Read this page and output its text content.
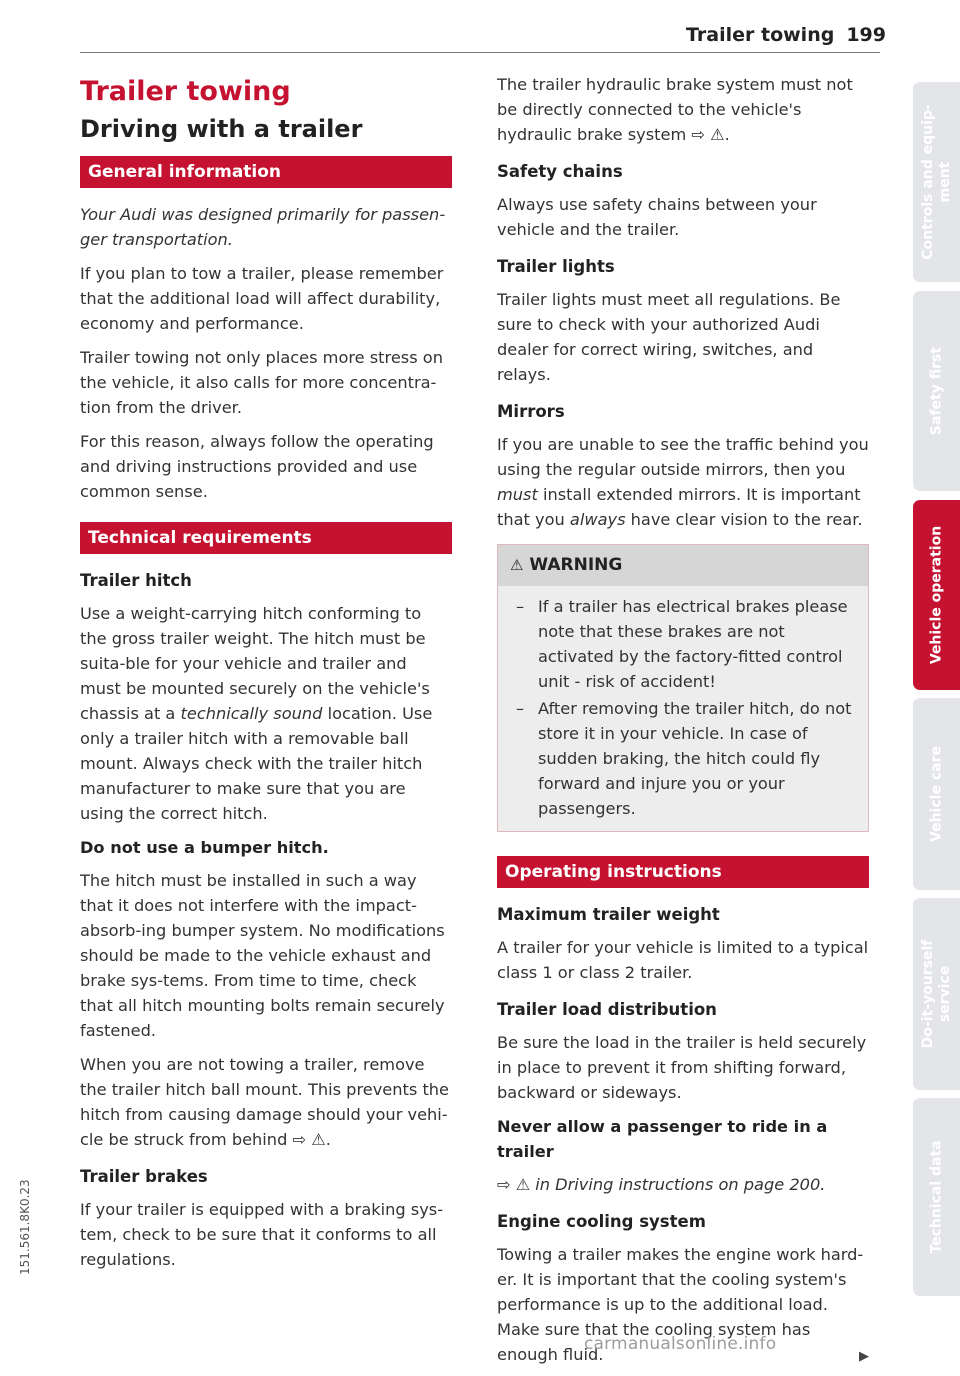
Trailer towing 199
Trailer towing
Driving with a trailer
General information

Your Audi was designed primarily for passen-ger transportation.

If you plan to tow a trailer, please remember that the additional load will affect durability, economy and performance.

Trailer towing not only places more stress on the vehicle, it also calls for more concentra-tion from the driver.

For this reason, always follow the operating and driving instructions provided and use common sense.

Technical requirements
Trailer hitch

Use a weight-carrying hitch conforming to the gross trailer weight. The hitch must be suita-ble for your vehicle and trailer and must be mounted securely on the vehicle's chassis at a technically sound location. Use only a trailer hitch with a removable ball mount. Always check with the trailer hitch manufacturer to make sure that you are using the correct hitch.

Do not use a bumper hitch.

The hitch must be installed in such a way that it does not interfere with the impact-absorb-ing bumper system. No modifications should be made to the vehicle exhaust and brake sys-tems. From time to time, check that all hitch mounting bolts remain securely fastened.

When you are not towing a trailer, remove the trailer hitch ball mount. This prevents the hitch from causing damage should your vehi-cle be struck from behind ⇨ ⚠.

Trailer brakes

If your trailer is equipped with a braking sys-tem, check to be sure that it conforms to all regulations.

The trailer hydraulic brake system must not be directly connected to the vehicle's hydraulic brake system ⇨ ⚠.

Safety chains

Always use safety chains between your vehicle and the trailer.

Trailer lights

Trailer lights must meet all regulations. Be sure to check with your authorized Audi dealer for correct wiring, switches, and relays.

Mirrors

If you are unable to see the traffic behind you using the regular outside mirrors, then you must install extended mirrors. It is important that you always have clear vision to the rear.

⚠ WARNING
– If a trailer has electrical brakes please note that these brakes are not activated by the factory-fitted control unit - risk of accident!
– After removing the trailer hitch, do not store it in your vehicle. In case of sudden braking, the hitch could fly forward and injure you or your passengers.
Operating instructions
Maximum trailer weight

A trailer for your vehicle is limited to a typical class 1 or class 2 trailer.

Trailer load distribution

Be sure the load in the trailer is held securely in place to prevent it from shifting forward, backward or sideways.

Never allow a passenger to ride in a trailer

⇨ ⚠ in Driving instructions on page 200.

Engine cooling system

Towing a trailer makes the engine work hard-er. It is important that the cooling system's performance is up to the additional load. Make sure that the cooling system has enough fluid.	▶

Controls and equip- ment
Safety first
Vehicle operation
Vehicle care
Do-it-yourself service
Technical data
151.561.8K0.23
carmanualsonline.info
